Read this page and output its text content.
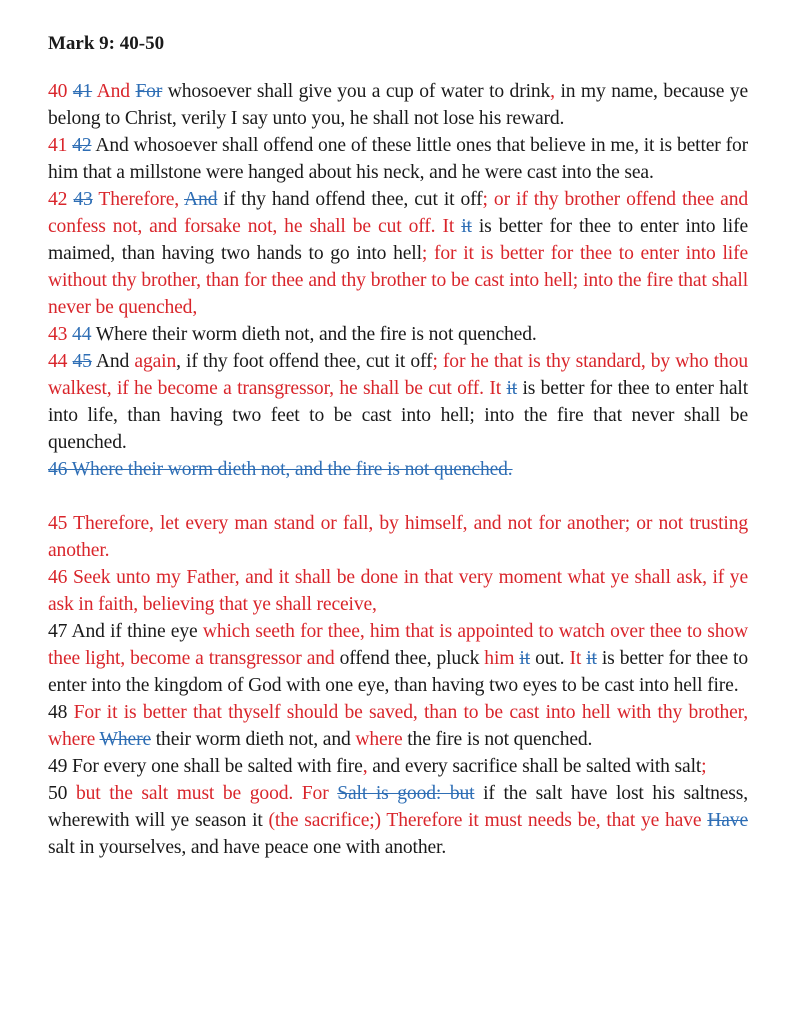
Mark 9: 40-50

40 41 And For whosoever shall give you a cup of water to drink, in my name, because ye belong to Christ, verily I say unto you, he shall not lose his reward.

41 42 And whosoever shall offend one of these little ones that believe in me, it is better for him that a millstone were hanged about his neck, and he were cast into the sea.

42 43 Therefore, And if thy hand offend thee, cut it off; or if thy brother offend thee and confess not, and forsake not, he shall be cut off. It it is better for thee to enter into life maimed, than having two hands to go into hell; for it is better for thee to enter into life without thy brother, than for thee and thy brother to be cast into hell; into the fire that shall never be quenched,

43 44 Where their worm dieth not, and the fire is not quenched.

44 45 And again, if thy foot offend thee, cut it off; for he that is thy standard, by who thou walkest, if he become a transgressor, he shall be cut off. It it is better for thee to enter halt into life, than having two feet to be cast into hell; into the fire that never shall be quenched.

46 Where their worm dieth not, and the fire is not quenched.

45 Therefore, let every man stand or fall, by himself, and not for another; or not trusting another.

46 Seek unto my Father, and it shall be done in that very moment what ye shall ask, if ye ask in faith, believing that ye shall receive,

47 And if thine eye which seeth for thee, him that is appointed to watch over thee to show thee light, become a transgressor and offend thee, pluck him it out. It it is better for thee to enter into the kingdom of God with one eye, than having two eyes to be cast into hell fire.

48 For it is better that thyself should be saved, than to be cast into hell with thy brother, where Where their worm dieth not, and where the fire is not quenched.

49 For every one shall be salted with fire, and every sacrifice shall be salted with salt;

50 but the salt must be good. For Salt is good: but if the salt have lost his saltness, wherewith will ye season it (the sacrifice;) Therefore it must needs be, that ye have Have salt in yourselves, and have peace one with another.
